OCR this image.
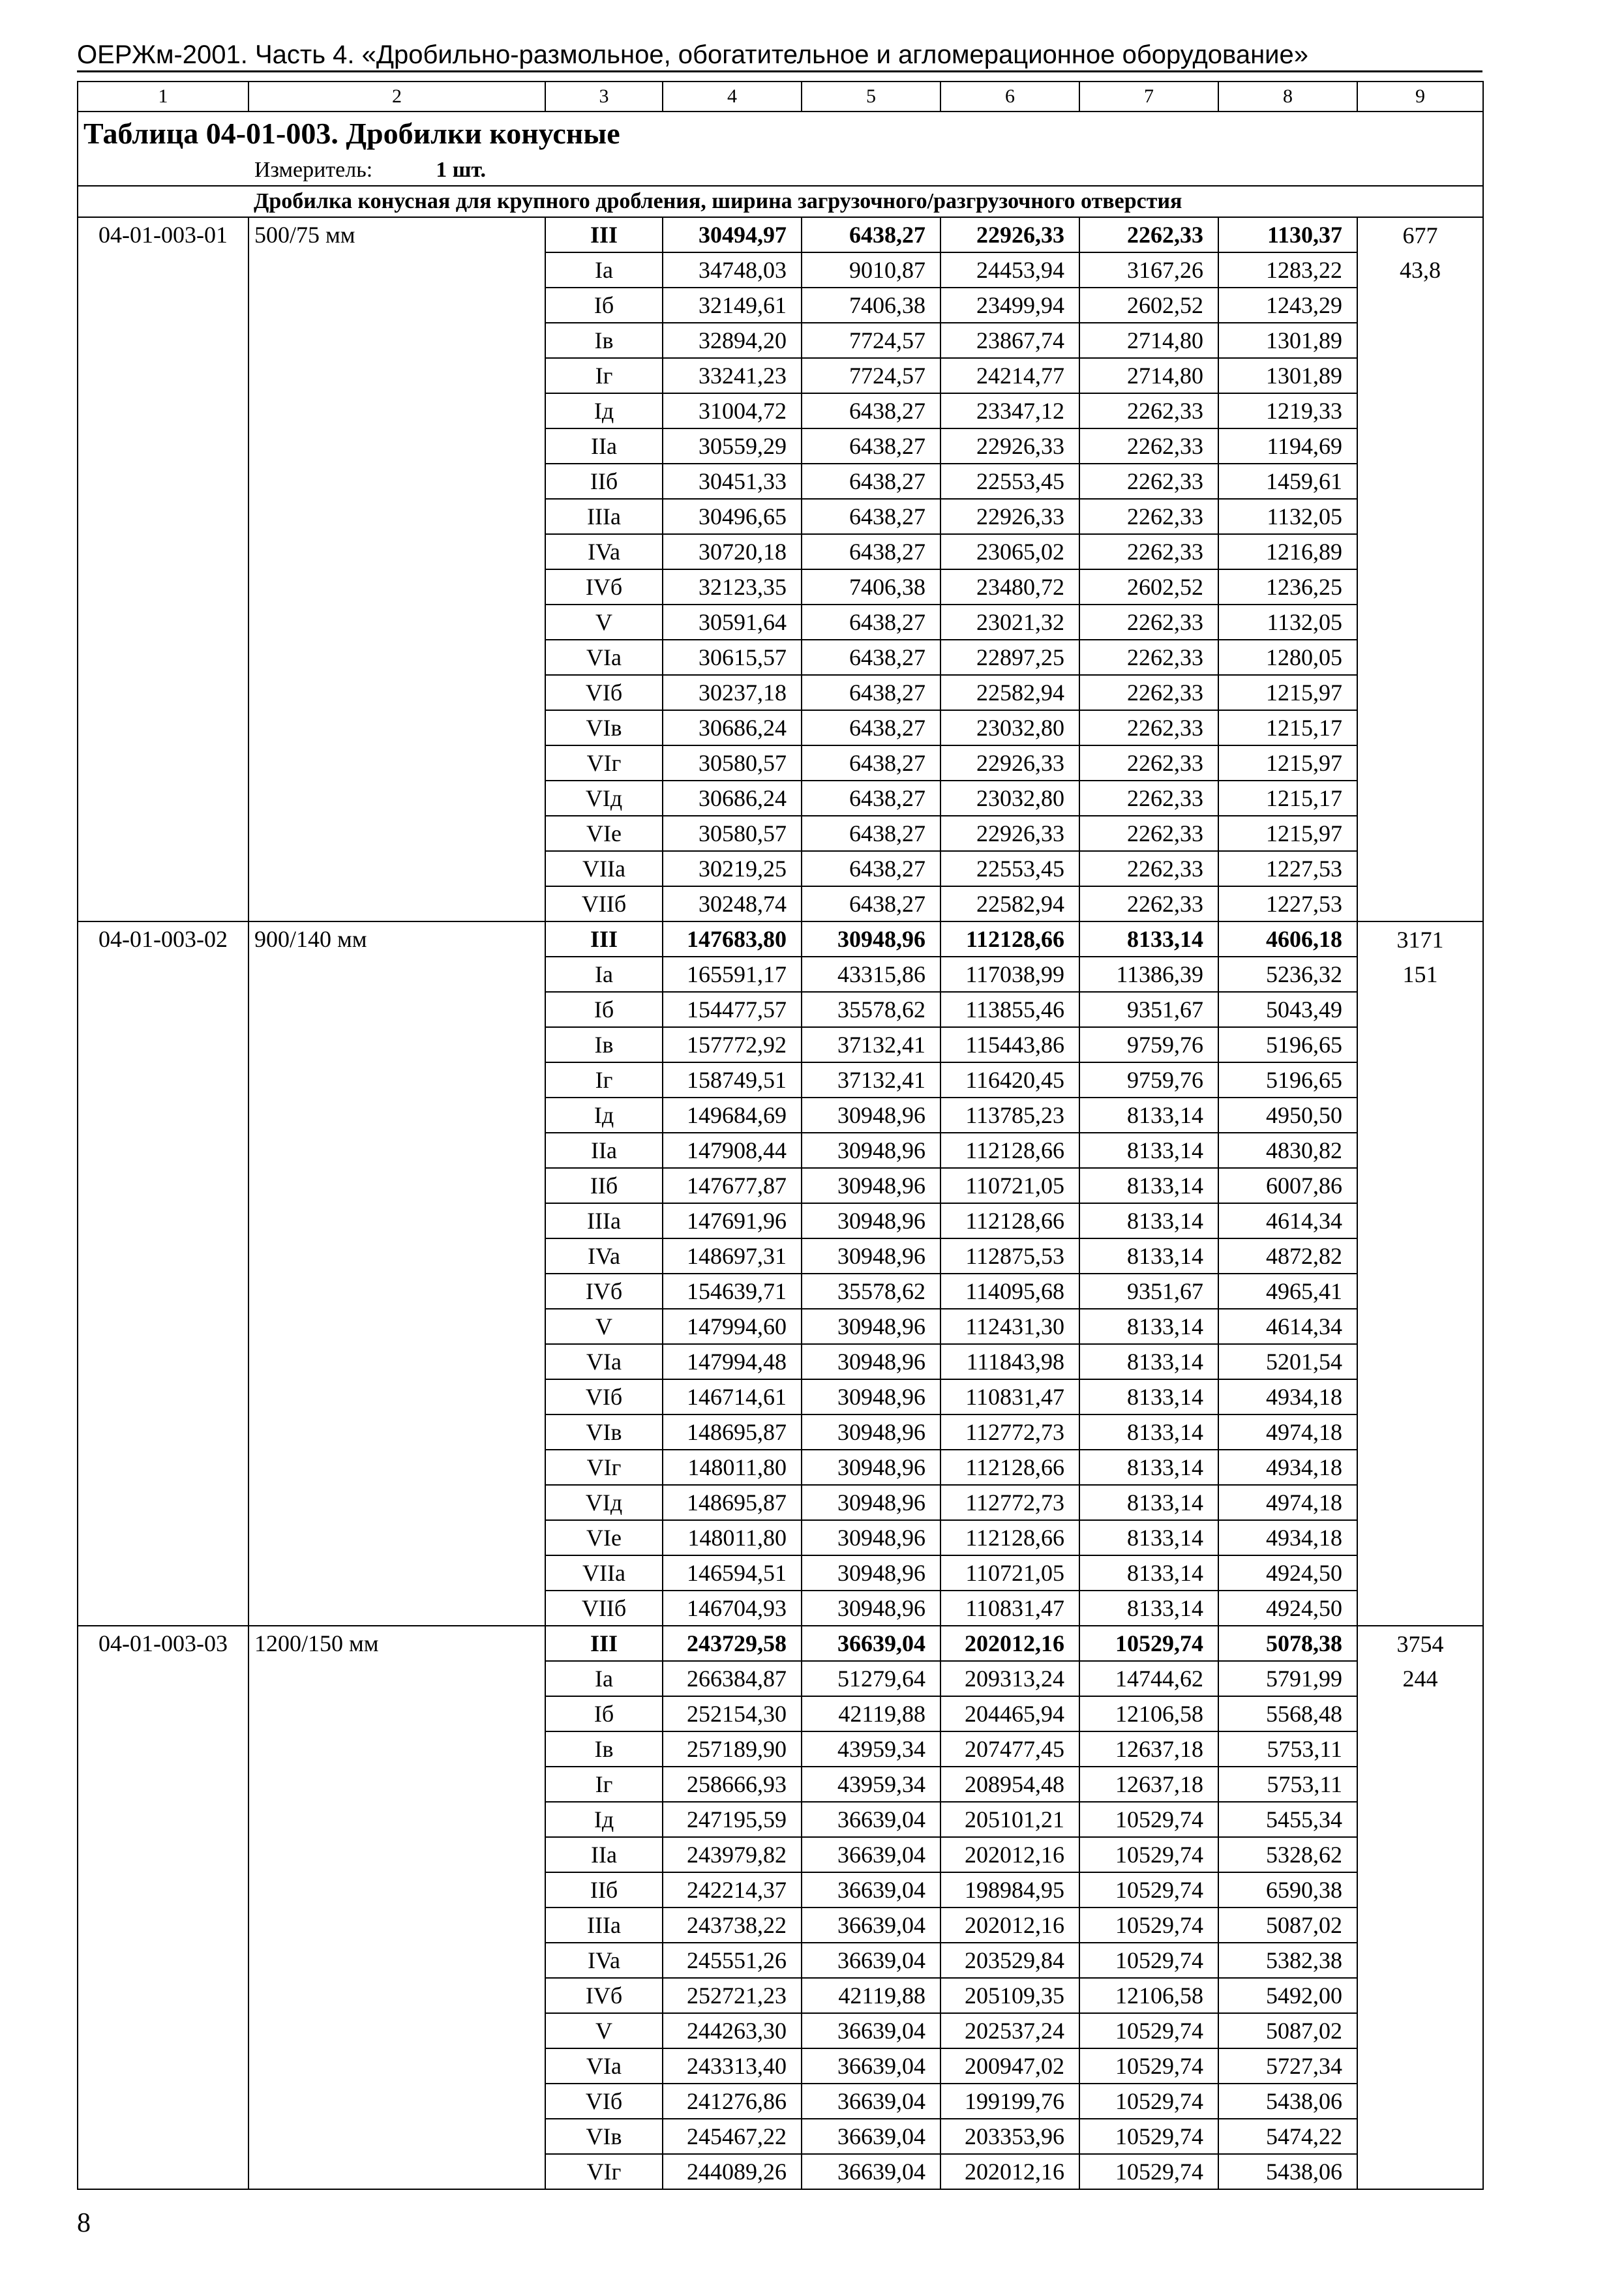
ОЕРЖм-2001. Часть 4. «Дробильно-размольное, обогатительное и агломерационное оборудование»
1	2	3	4	5	6	7	8	9
Таблица 04-01-003. Дробилки конусные								
Измеритель: 1 шт.								
	Дробилка конусная для крупного дробления, ширина загрузочного/разгрузочного отверстия							
04-01-003-01	500/75 мм	III	30494,97	6438,27	22926,33	2262,33	1130,37	677
		Ia	34748,03	9010,87	24453,94	3167,26	1283,22	43,8
		Iб	32149,61	7406,38	23499,94	2602,52	1243,29	
		Iв	32894,20	7724,57	23867,74	2714,80	1301,89	
		Iг	33241,23	7724,57	24214,77	2714,80	1301,89	
		Iд	31004,72	6438,27	23347,12	2262,33	1219,33	
		IIa	30559,29	6438,27	22926,33	2262,33	1194,69	
		IIб	30451,33	6438,27	22553,45	2262,33	1459,61	
		IIIa	30496,65	6438,27	22926,33	2262,33	1132,05	
		IVa	30720,18	6438,27	23065,02	2262,33	1216,89	
		IVб	32123,35	7406,38	23480,72	2602,52	1236,25	
		V	30591,64	6438,27	23021,32	2262,33	1132,05	
		VIa	30615,57	6438,27	22897,25	2262,33	1280,05	
		VIб	30237,18	6438,27	22582,94	2262,33	1215,97	
		VIв	30686,24	6438,27	23032,80	2262,33	1215,17	
		VIг	30580,57	6438,27	22926,33	2262,33	1215,97	
		VIд	30686,24	6438,27	23032,80	2262,33	1215,17	
		VIe	30580,57	6438,27	22926,33	2262,33	1215,97	
		VIIa	30219,25	6438,27	22553,45	2262,33	1227,53	
		VIIб	30248,74	6438,27	22582,94	2262,33	1227,53	
04-01-003-02	900/140 мм	III	147683,80	30948,96	112128,66	8133,14	4606,18	3171
		Ia	165591,17	43315,86	117038,99	11386,39	5236,32	151
		Iб	154477,57	35578,62	113855,46	9351,67	5043,49	
		Iв	157772,92	37132,41	115443,86	9759,76	5196,65	
		Iг	158749,51	37132,41	116420,45	9759,76	5196,65	
		Iд	149684,69	30948,96	113785,23	8133,14	4950,50	
		IIa	147908,44	30948,96	112128,66	8133,14	4830,82	
		IIб	147677,87	30948,96	110721,05	8133,14	6007,86	
		IIIa	147691,96	30948,96	112128,66	8133,14	4614,34	
		IVa	148697,31	30948,96	112875,53	8133,14	4872,82	
		IVб	154639,71	35578,62	114095,68	9351,67	4965,41	
		V	147994,60	30948,96	112431,30	8133,14	4614,34	
		VIa	147994,48	30948,96	111843,98	8133,14	5201,54	
		VIб	146714,61	30948,96	110831,47	8133,14	4934,18	
		VIв	148695,87	30948,96	112772,73	8133,14	4974,18	
		VIг	148011,80	30948,96	112128,66	8133,14	4934,18	
		VIд	148695,87	30948,96	112772,73	8133,14	4974,18	
		VIe	148011,80	30948,96	112128,66	8133,14	4934,18	
		VIIa	146594,51	30948,96	110721,05	8133,14	4924,50	
		VIIб	146704,93	30948,96	110831,47	8133,14	4924,50	
04-01-003-03	1200/150 мм	III	243729,58	36639,04	202012,16	10529,74	5078,38	3754
		Ia	266384,87	51279,64	209313,24	14744,62	5791,99	244
		Iб	252154,30	42119,88	204465,94	12106,58	5568,48	
		Iв	257189,90	43959,34	207477,45	12637,18	5753,11	
		Iг	258666,93	43959,34	208954,48	12637,18	5753,11	
		Iд	247195,59	36639,04	205101,21	10529,74	5455,34	
		IIa	243979,82	36639,04	202012,16	10529,74	5328,62	
		IIб	242214,37	36639,04	198984,95	10529,74	6590,38	
		IIIa	243738,22	36639,04	202012,16	10529,74	5087,02	
		IVa	245551,26	36639,04	203529,84	10529,74	5382,38	
		IVб	252721,23	42119,88	205109,35	12106,58	5492,00	
		V	244263,30	36639,04	202537,24	10529,74	5087,02	
		VIa	243313,40	36639,04	200947,02	10529,74	5727,34	
		VIб	241276,86	36639,04	199199,76	10529,74	5438,06	
		VIв	245467,22	36639,04	203353,96	10529,74	5474,22	
		VIг	244089,26	36639,04	202012,16	10529,74	5438,06	
8
